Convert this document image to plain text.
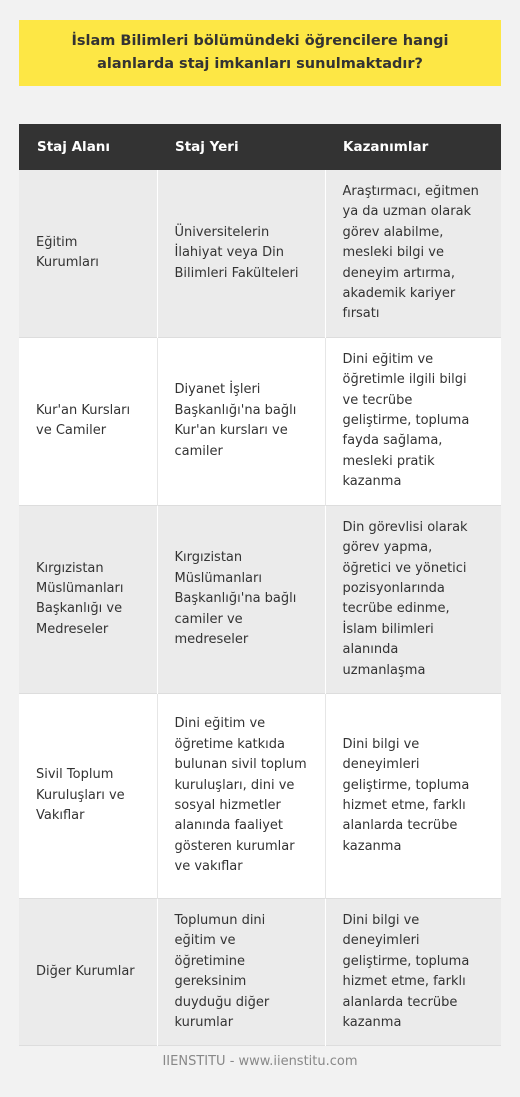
İslam Bilimleri bölümündeki öğrencilere hangi alanlarda staj imkanları sunulmaktadır?
Staj Alanı	Staj Yeri	Kazanımlar
Eğitim Kurumları	Üniversitelerin İlahiyat veya Din Bilimleri Fakülteleri	Araştırmacı, eğitmen ya da uzman olarak görev alabilme, mesleki bilgi ve deneyim artırma, akademik kariyer fırsatı
Kur'an Kursları ve Camiler	Diyanet İşleri Başkanlığı'na bağlı Kur'an kursları ve camiler	Dini eğitim ve öğretimle ilgili bilgi ve tecrübe geliştirme, topluma fayda sağlama, mesleki pratik kazanma
Kırgızistan Müslümanları Başkanlığı ve Medreseler	Kırgızistan Müslümanları Başkanlığı'na bağlı camiler ve medreseler	Din görevlisi olarak görev yapma, öğretici ve yönetici pozisyonlarında tecrübe edinme, İslam bilimleri alanında uzmanlaşma
Sivil Toplum Kuruluşları ve Vakıflar	Dini eğitim ve öğretime katkıda bulunan sivil toplum kuruluşları, dini ve sosyal hizmetler alanında faaliyet gösteren kurumlar ve vakıflar	Dini bilgi ve deneyimleri geliştirme, topluma hizmet etme, farklı alanlarda tecrübe kazanma
Diğer Kurumlar	Toplumun dini eğitim ve öğretimine gereksinim duyduğu diğer kurumlar	Dini bilgi ve deneyimleri geliştirme, topluma hizmet etme, farklı alanlarda tecrübe kazanma
IIENSTITU - www.iienstitu.com
